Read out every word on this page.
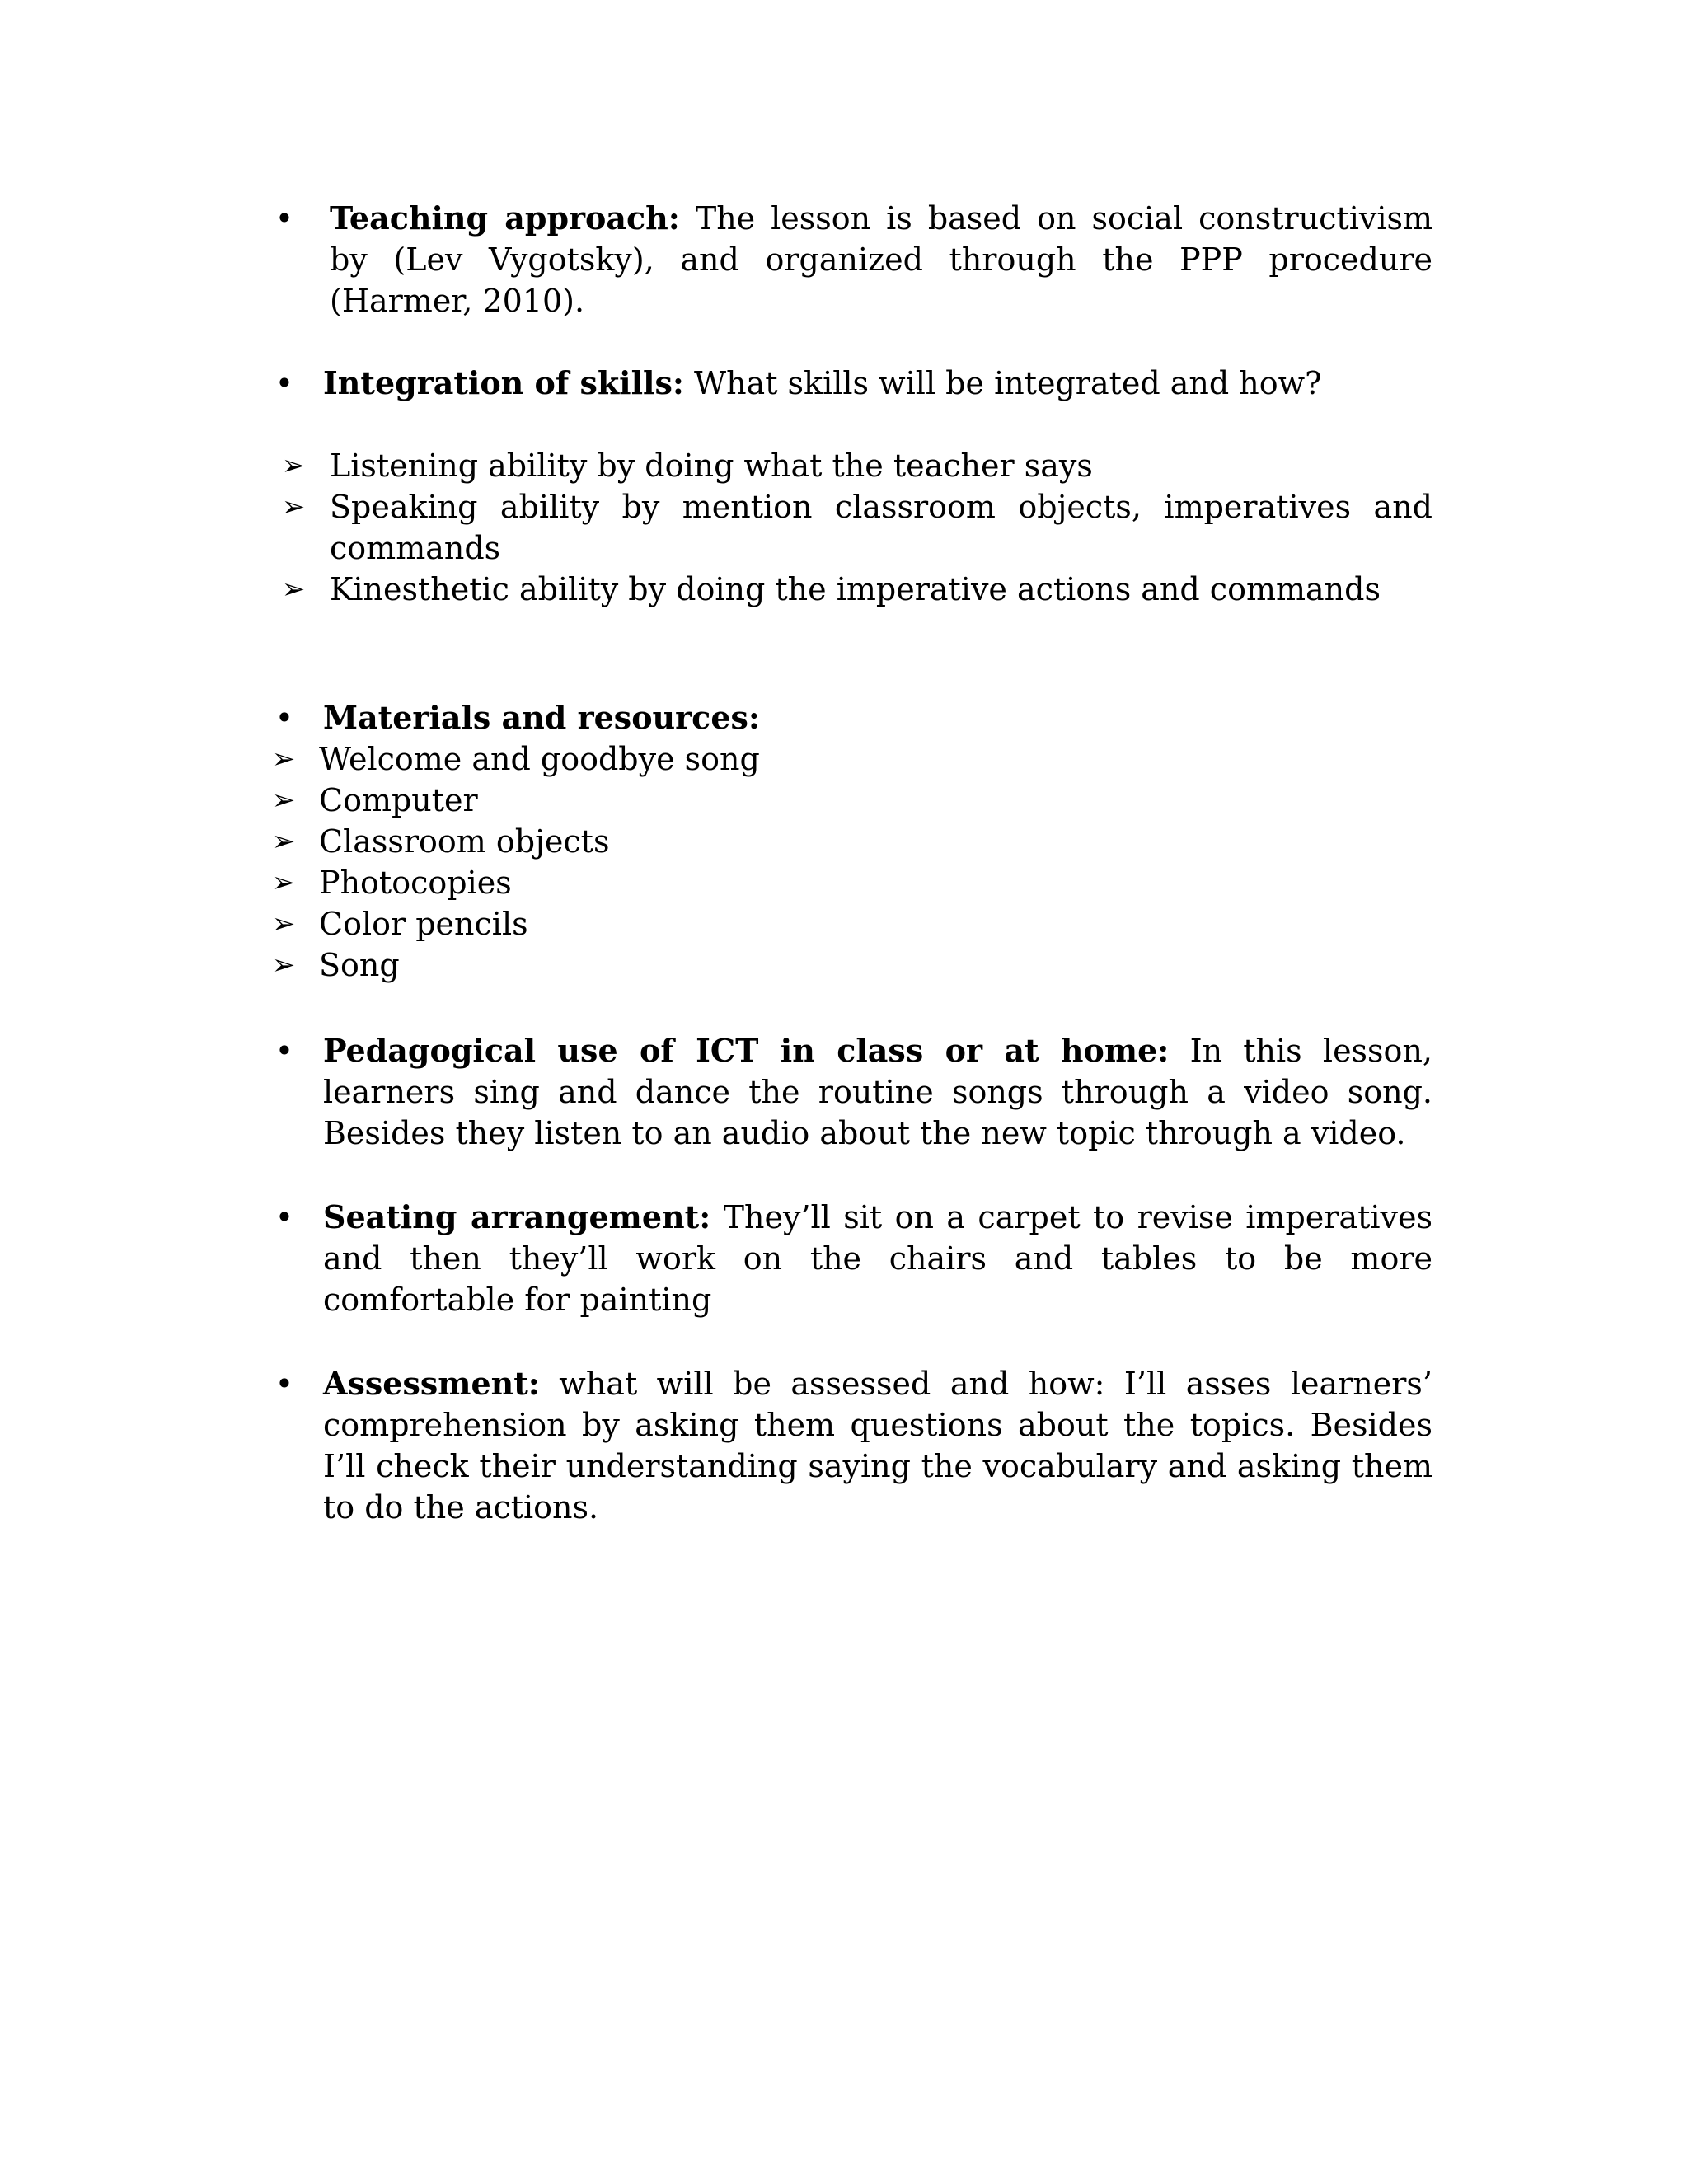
• Teaching approach: The lesson is based on social constructivism by (Lev Vygotsky), and organized through the PPP procedure (Harmer, 2010).
• Integration of skills: What skills will be integrated and how?
➢ Listening ability by doing what the teacher says
➢ Speaking ability by mention classroom objects, imperatives and commands
➢ Kinesthetic ability by doing the imperative actions and commands
• Materials and resources:
➢ Welcome and goodbye song
➢ Computer
➢ Classroom objects
➢ Photocopies
➢ Color pencils
➢ Song
• Pedagogical use of ICT in class or at home: In this lesson, learners sing and dance the routine songs through a video song. Besides they listen to an audio about the new topic through a video.
• Seating arrangement: They’ll sit on a carpet to revise imperatives and then they’ll work on the chairs and tables to be more comfortable for painting
• Assessment: what will be assessed and how: I’ll asses learners’ comprehension by asking them questions about the topics. Besides I’ll check their understanding saying the vocabulary and asking them to do the actions.
